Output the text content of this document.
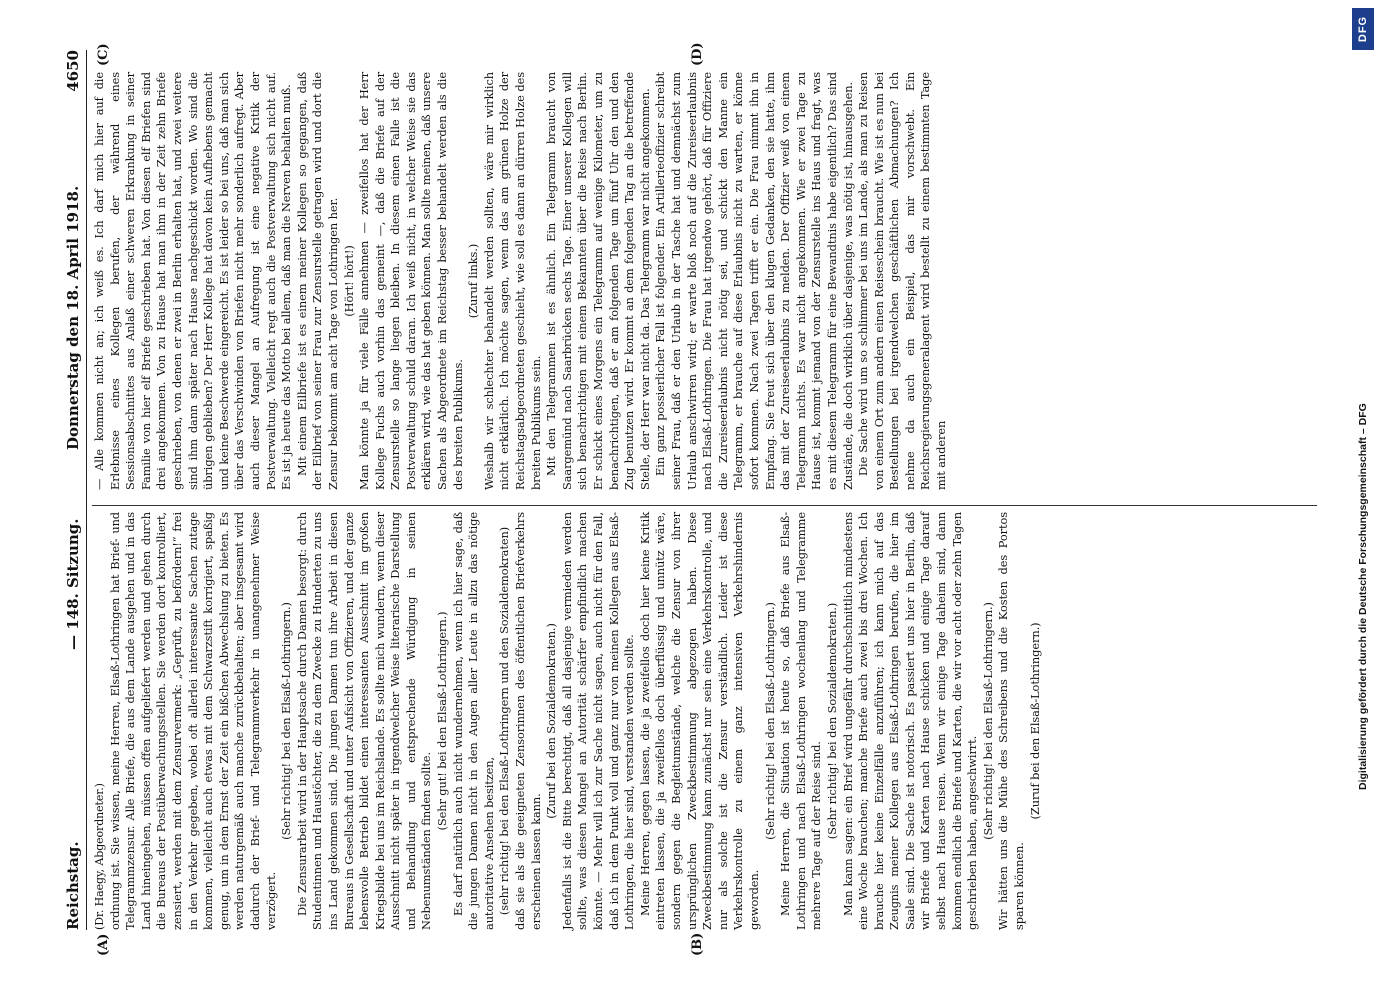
Reichstag.
— 148. Sitzung.
Donnerstag den 18. April 1918.
4650
(A)	(B)
(C)	(D)

(Dr. Haegy, Abgeordneter.) ordnung ist. Sie wissen, meine Herren, Elsaß-Lothringen hat Brief- und Telegrammzensur. Alle Briefe, die aus dem Lande ausgehen und in das Land hineingehen, müssen offen aufgeliefert werden und gehen durch die Bureaus der Postüberwachungsstellen. Sie werden dort kontrolliert, zensiert, werden mit dem Zensurvermerk: „Geprüft, zu befördern!“ frei in den Verkehr gegeben, wobei oft allerlei interessante Sachen zutage kommen, vielleicht auch etwas mit dem Schwarzstift korrigiert, spaßig genug, um in dem Ernst der Zeit ein bißchen Abwechslung zu bieten. Es werden naturgemäß auch manche zurückbehalten; aber insgesamt wird dadurch der Brief- und Telegrammverkehr in unangenehmer Weise verzögert.

(Sehr richtig! bei den Elsaß-Lothringern.) Die Zensurarbeit wird in der Hauptsache durch Damen besorgt: durch Studentinnen und Haustöchter, die zu dem Zwecke zu Hunderten zu uns ins Land gekommen sind. Die jungen Damen tun ihre Arbeit in diesen Bureaus in Gesellschaft und unter Aufsicht von Offizieren, und der ganze lebensvolle Betrieb bildet einen interessanten Ausschnitt im großen Kriegsbilde bei uns im Reichslande. Es sollte mich wundern, wenn dieser Ausschnitt nicht später in irgendwelcher Weise literarische Darstellung und Behandlung und entsprechende Würdigung in seinen Nebenumständen finden sollte.

(Sehr gut! bei den Elsaß-Lothringern.) Es darf natürlich auch nicht wundernehmen, wenn ich hier sage, daß die jungen Damen nicht in den Augen aller Leute in allzu das nötige autoritative Ansehen besitzen, (sehr richtig! bei den Elsaß-Lothringern und den Sozialdemokraten) daß sie als die geeigneten Zensorinnen des öffentlichen Briefverkehrs erscheinen lassen kann.

(Zuruf bei den Sozialdemokraten.) Jedenfalls ist die Bitte berechtigt, daß all dasjenige vermieden werden sollte, was diesen Mangel an Autorität schärfer empfindlich machen könnte. — Mehr will ich zur Sache nicht sagen, auch nicht für den Fall, daß ich in dem Punkt voll und ganz nur von meinen Kollegen aus Elsaß-Lothringen, die hier sind, verstanden werden sollte. Meine Herren, gegen lassen, die ja zweifellos doch hier keine Kritik eintreten lassen, die ja zweifellos doch überflüssig und unnütz wäre, sondern gegen die Begleitumstände, welche die Zensur von ihrer ursprünglichen Zweckbestimmung abgezogen haben. Diese Zweckbestimmung kann zunächst nur sein eine Verkehrskontrolle, und nur als solche ist die Zensur verständlich. Leider ist diese Verkehrskontrolle zu einem ganz intensiven Verkehrshindernis geworden.

(Sehr richtig! bei den Elsaß-Lothringern.) Meine Herren, die Situation ist heute so, daß Briefe aus Elsaß-Lothringen und nach Elsaß-Lothringen wochenlang und Telegramme mehrere Tage auf der Reise sind. (Sehr richtig! bei den Sozialdemokraten.) Man kann sagen: ein Brief wird ungefähr durchschnittlich mindestens eine Woche brauchen; manche Briefe auch zwei bis drei Wochen. Ich brauche hier keine Einzelfälle anzuführen; ich kann mich auf das Zeugnis meiner Kollegen aus Elsaß-Lothringen berufen, die hier im Saale sind. Die Sache ist notorisch. Es passiert uns hier in Berlin, daß wir Briefe und Karten nach Hause schicken und einige Tage darauf selbst nach Hause reisen. Wenn wir einige Tage daheim sind, dann kommen endlich die Briefe und Karten, die wir vor acht oder zehn Tagen geschrieben haben, angeschwirrt. (Sehr richtig! bei den Elsaß-Lothringern.) Wir hätten uns die Mühe des Schreibens und die Kosten des Portos sparen können.

(Zuruf bei den Elsaß-Lothringern.)

— Alle kommen nicht an; ich weiß es. Ich darf mich hier auf die Erlebnisse eines Kollegen berufen, der während eines Sessionsabschnittes aus Anlaß einer schweren Erkrankung in seiner Familie von hier elf Briefe geschrieben hat. Von diesen elf Briefen sind drei angekommen. Von zu Hause hat man ihm in der Zeit zehn Briefe geschrieben, von denen er zwei in Berlin erhalten hat, und zwei weitere sind ihm dann später nach Hause nachgeschickt worden. Wo sind die übrigen geblieben? Der Herr Kollege hat davon kein Aufhebens gemacht und keine Beschwerde eingereicht. Es ist leider so bei uns, daß man sich über das Verschwinden von Briefen nicht mehr sonderlich aufregt. Aber auch dieser Mangel an Aufregung ist eine negative Kritik der Postverwaltung. Vielleicht regt auch die Postverwaltung sich nicht auf. Es ist ja heute das Motto bei allem, daß man die Nerven behalten muß. Mit einem Eilbriefe ist es einem meiner Kollegen so gegangen, daß der Eilbrief von seiner Frau zur Zensurstelle getragen wird und dort die Zensur bekommt am acht Tage von Lothringen her. (Hört! hört!) Man könnte ja für viele Fälle annehmen — zweifellos hat der Herr Kollege Fuchs auch vorhin das gemeint —, daß die Briefe auf der Zensurstelle so lange liegen bleiben. In diesem einen Falle ist die Postverwaltung schuld daran. Ich weiß nicht, in welcher Weise sie das erklären wird, wie das hat geben können. Man sollte meinen, daß unsere Sachen als Abgeordnete im Reichstag besser behandelt werden als die des breiten Publikums.

(Zuruf links.) Weshalb wir schlechter behandelt werden sollten, wäre mir wirklich nicht erklärlich. Ich möchte sagen, wenn das am grünen Holze der Reichstagsabgeordneten geschieht, wie soll es dann an dürren Holze des breiten Publikums sein. Mit den Telegrammen ist es ähnlich. Ein Telegramm braucht von Saargemünd nach Saarbrücken sechs Tage. Einer unserer Kollegen will sich benachrichtigen mit einem Bekannten über die Reise nach Berlin. Er schickt eines Morgens ein Telegramm auf wenige Kilometer, um zu benachrichtigen, daß er am folgenden Tage um fünf Uhr den und den Zug benutzen wird. Er kommt an dem folgenden Tag an die betreffende Stelle, der Herr war nicht da. Das Telegramm war nicht angekommen. Ein ganz possierlicher Fall ist folgender. Ein Artillerieoffizier schreibt seiner Frau, daß er den Urlaub in der Tasche hat und demnächst zum Urlaub anschwirren wird; er warte bloß noch auf die Zureiseerlaubnis nach Elsaß-Lothringen. Die Frau hat irgendwo gehört, daß für Offiziere die Zureiseerlaubnis nicht nötig sei, und schickt den Manne ein Telegramm, er brauche auf diese Erlaubnis nicht zu warten, er könne sofort kommen. Nach zwei Tagen trifft er ein. Die Frau nimmt ihn in Empfang. Sie freut sich über den klugen Gedanken, den sie hatte, ihm das mit der Zureiseerlaubnis zu melden. Der Offizier weiß von einem Telegramm nichts. Es war nicht angekommen. Wie er zwei Tage zu Hause ist, kommt jemand von der Zensurstelle ins Haus und fragt, was es mit diesem Telegramm für eine Bewandtnis habe eigentlich? Das sind Zustände, die doch wirklich über dasjenige, was nötig ist, hinausgehen. Die Sache wird um so schlimmer bei uns im Lande, als man zu Reisen von einem Ort zum andern einen Reiseschein braucht. Wie ist es nun bei Bestellungen bei irgendwelchen geschäftlichen Abmachungen? Ich nehme da auch ein Beispiel, das mir vorschwebt. Ein Reichsregierungsgeneralagent wird bestellt zu einem bestimmten Tage mit anderen

DFG
Digitalisierung gefördert durch die Deutsche Forschungsgemeinschaft – DFG
